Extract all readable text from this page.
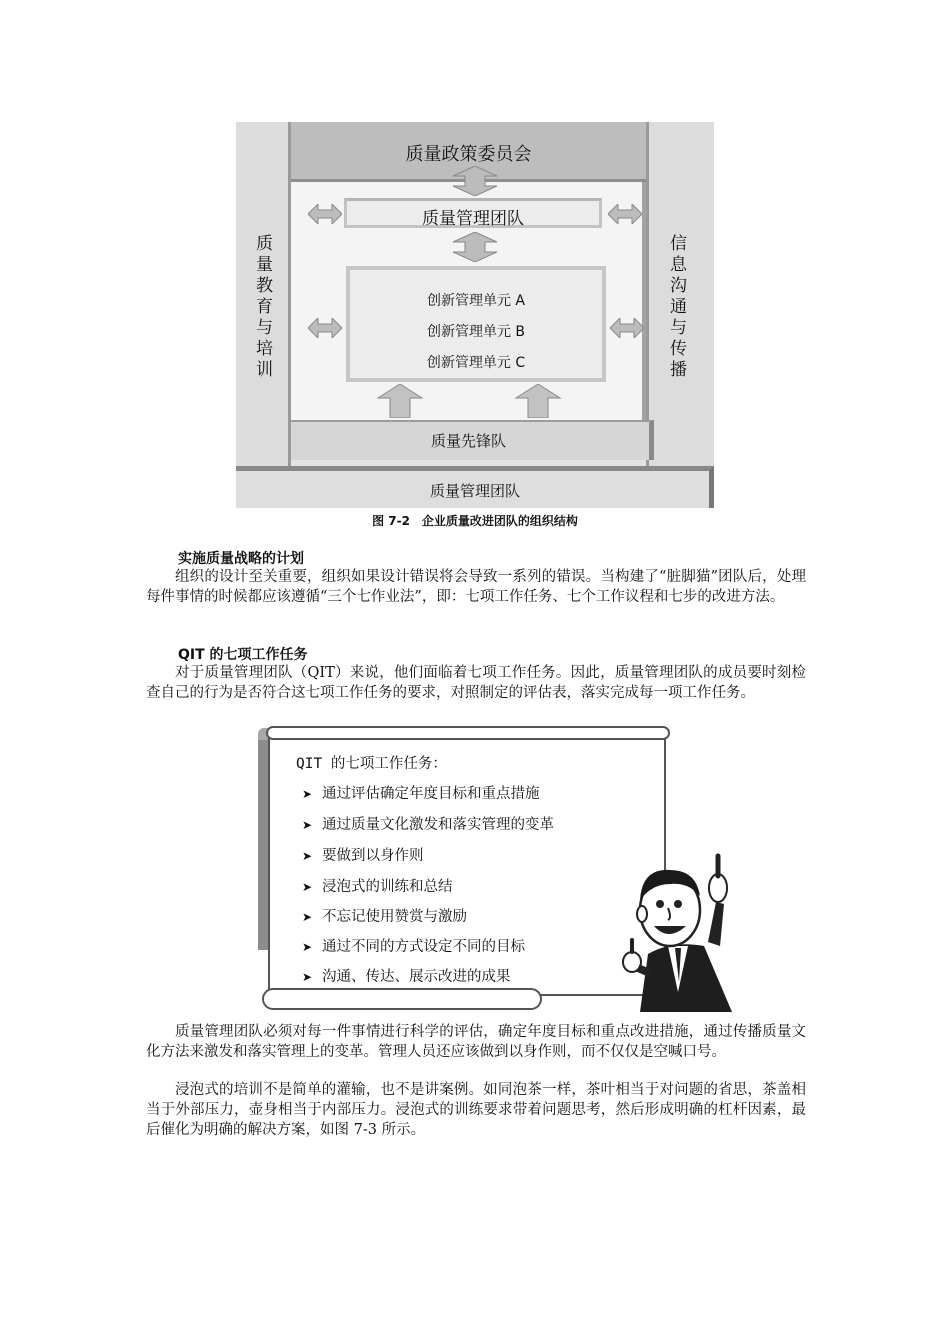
质量政策委员会
质量管理团队
创新管理单元 A
创新管理单元 B
创新管理单元 C
质量教育与培训	信息沟通与传播
质量先锋队
质量管理团队
图 7-2　企业质量改进团队的组织结构
实施质量战略的计划
组织的设计至关重要，组织如果设计错误将会导致一系列的错误。当构建了“脏脚猫”团队后，处理每件事情的时候都应该遵循“三个七作业法”，即：七项工作任务、七个工作议程和七步的改进方法。
QIT 的七项工作任务
对于质量管理团队（QIT）来说，他们面临着七项工作任务。因此，质量管理团队的成员要时刻检查自己的行为是否符合这七项工作任务的要求，对照制定的评估表，落实完成每一项工作任务。
QIT 的七项工作任务：
➤ 通过评估确定年度目标和重点措施
➤ 通过质量文化激发和落实管理的变革
➤ 要做到以身作则
➤ 浸泡式的训练和总结
➤ 不忘记使用赞赏与激励
➤ 通过不同的方式设定不同的目标
➤ 沟通、传达、展示改进的成果
质量管理团队必须对每一件事情进行科学的评估，确定年度目标和重点改进措施，通过传播质量文化方法来激发和落实管理上的变革。管理人员还应该做到以身作则，而不仅仅是空喊口号。
浸泡式的培训不是简单的灌输，也不是讲案例。如同泡茶一样，茶叶相当于对问题的省思，茶盖相当于外部压力，壶身相当于内部压力。浸泡式的训练要求带着问题思考，然后形成明确的杠杆因素，最后催化为明确的解决方案，如图 7-3 所示。
